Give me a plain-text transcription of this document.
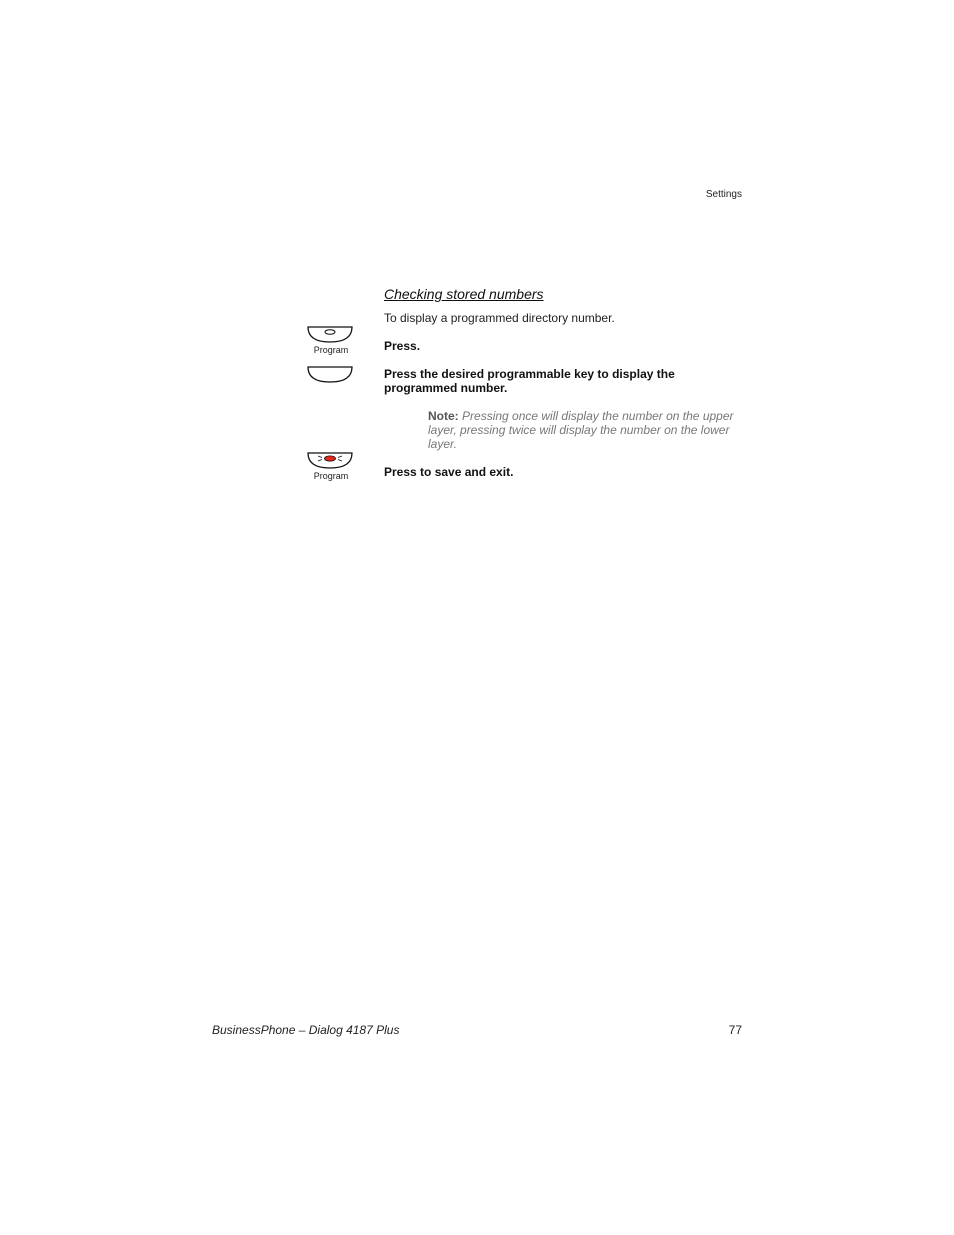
Settings
Checking stored numbers
To display a programmed directory number.
Program	Press.
Press the desired programmable key to display the programmed number.
Note: Pressing once will display the number on the upper layer, pressing twice will display the number on the lower layer.
Program	Press to save and exit.
BusinessPhone – Dialog 4187 Plus	77
